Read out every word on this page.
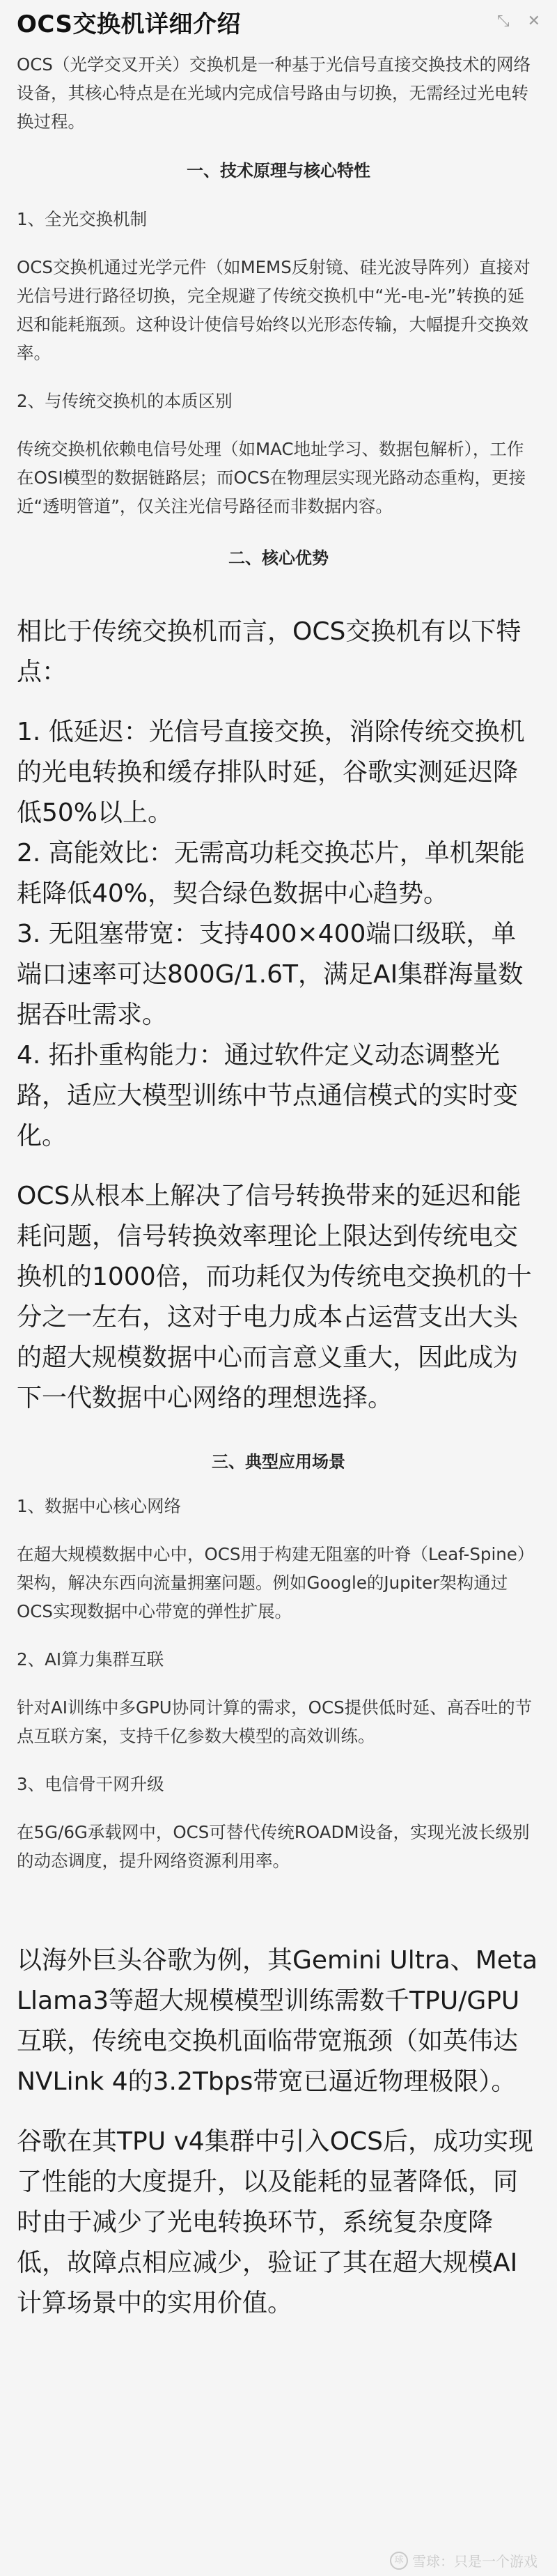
OCS交换机详细介绍	⤡ ✕

OCS（光学交叉开关）交换机是一种基于光信号直接交换技术的网络设备，其核心特点是在光域内完成信号路由与切换，无需经过光电转换过程。

一、技术原理与核心特性

1、全光交换机制

OCS交换机通过光学元件（如MEMS反射镜、硅光波导阵列）直接对光信号进行路径切换，完全规避了传统交换机中“光-电-光”转换的延迟和能耗瓶颈。这种设计使信号始终以光形态传输，大幅提升交换效率。

2、与传统交换机的本质区别

传统交换机依赖电信号处理（如MAC地址学习、数据包解析），工作在OSI模型的数据链路层；而OCS在物理层实现光路动态重构，更接近“透明管道”，仅关注光信号路径而非数据内容。

二、核心优势

相比于传统交换机而言，OCS交换机有以下特点：

1. 低延迟：光信号直接交换，消除传统交换机的光电转换和缓存排队时延，谷歌实测延迟降低50%以上。

2. 高能效比：无需高功耗交换芯片，单机架能耗降低40%，契合绿色数据中心趋势。

3. 无阻塞带宽：支持400×400端口级联，单端口速率可达800G/1.6T，满足AI集群海量数据吞吐需求。

4. 拓扑重构能力：通过软件定义动态调整光路，适应大模型训练中节点通信模式的实时变化。

OCS从根本上解决了信号转换带来的延迟和能耗问题，信号转换效率理论上限达到传统电交换机的1000倍，而功耗仅为传统电交换机的十分之一左右，这对于电力成本占运营支出大头的超大规模数据中心而言意义重大，因此成为下一代数据中心网络的理想选择。

三、典型应用场景

1、数据中心核心网络

在超大规模数据中心中，OCS用于构建无阻塞的叶脊（Leaf-Spine）架构，解决东西向流量拥塞问题。例如Google的Jupiter架构通过OCS实现数据中心带宽的弹性扩展。

2、AI算力集群互联

针对AI训练中多GPU协同计算的需求，OCS提供低时延、高吞吐的节点互联方案，支持千亿参数大模型的高效训练。

3、电信骨干网升级

在5G/6G承载网中，OCS可替代传统ROADM设备，实现光波长级别的动态调度，提升网络资源利用率。

以海外巨头谷歌为例，其Gemini Ultra、Meta Llama3等超大规模模型训练需数千TPU/GPU互联，传统电交换机面临带宽瓶颈（如英伟达NVLink 4的3.2Tbps带宽已逼近物理极限）。

谷歌在其TPU v4集群中引入OCS后，成功实现了性能的大度提升，以及能耗的显著降低，同时由于减少了光电转换环节，系统复杂度降低，故障点相应减少，验证了其在超大规模AI计算场景中的实用价值。

球 雪球：只是一个游戏
